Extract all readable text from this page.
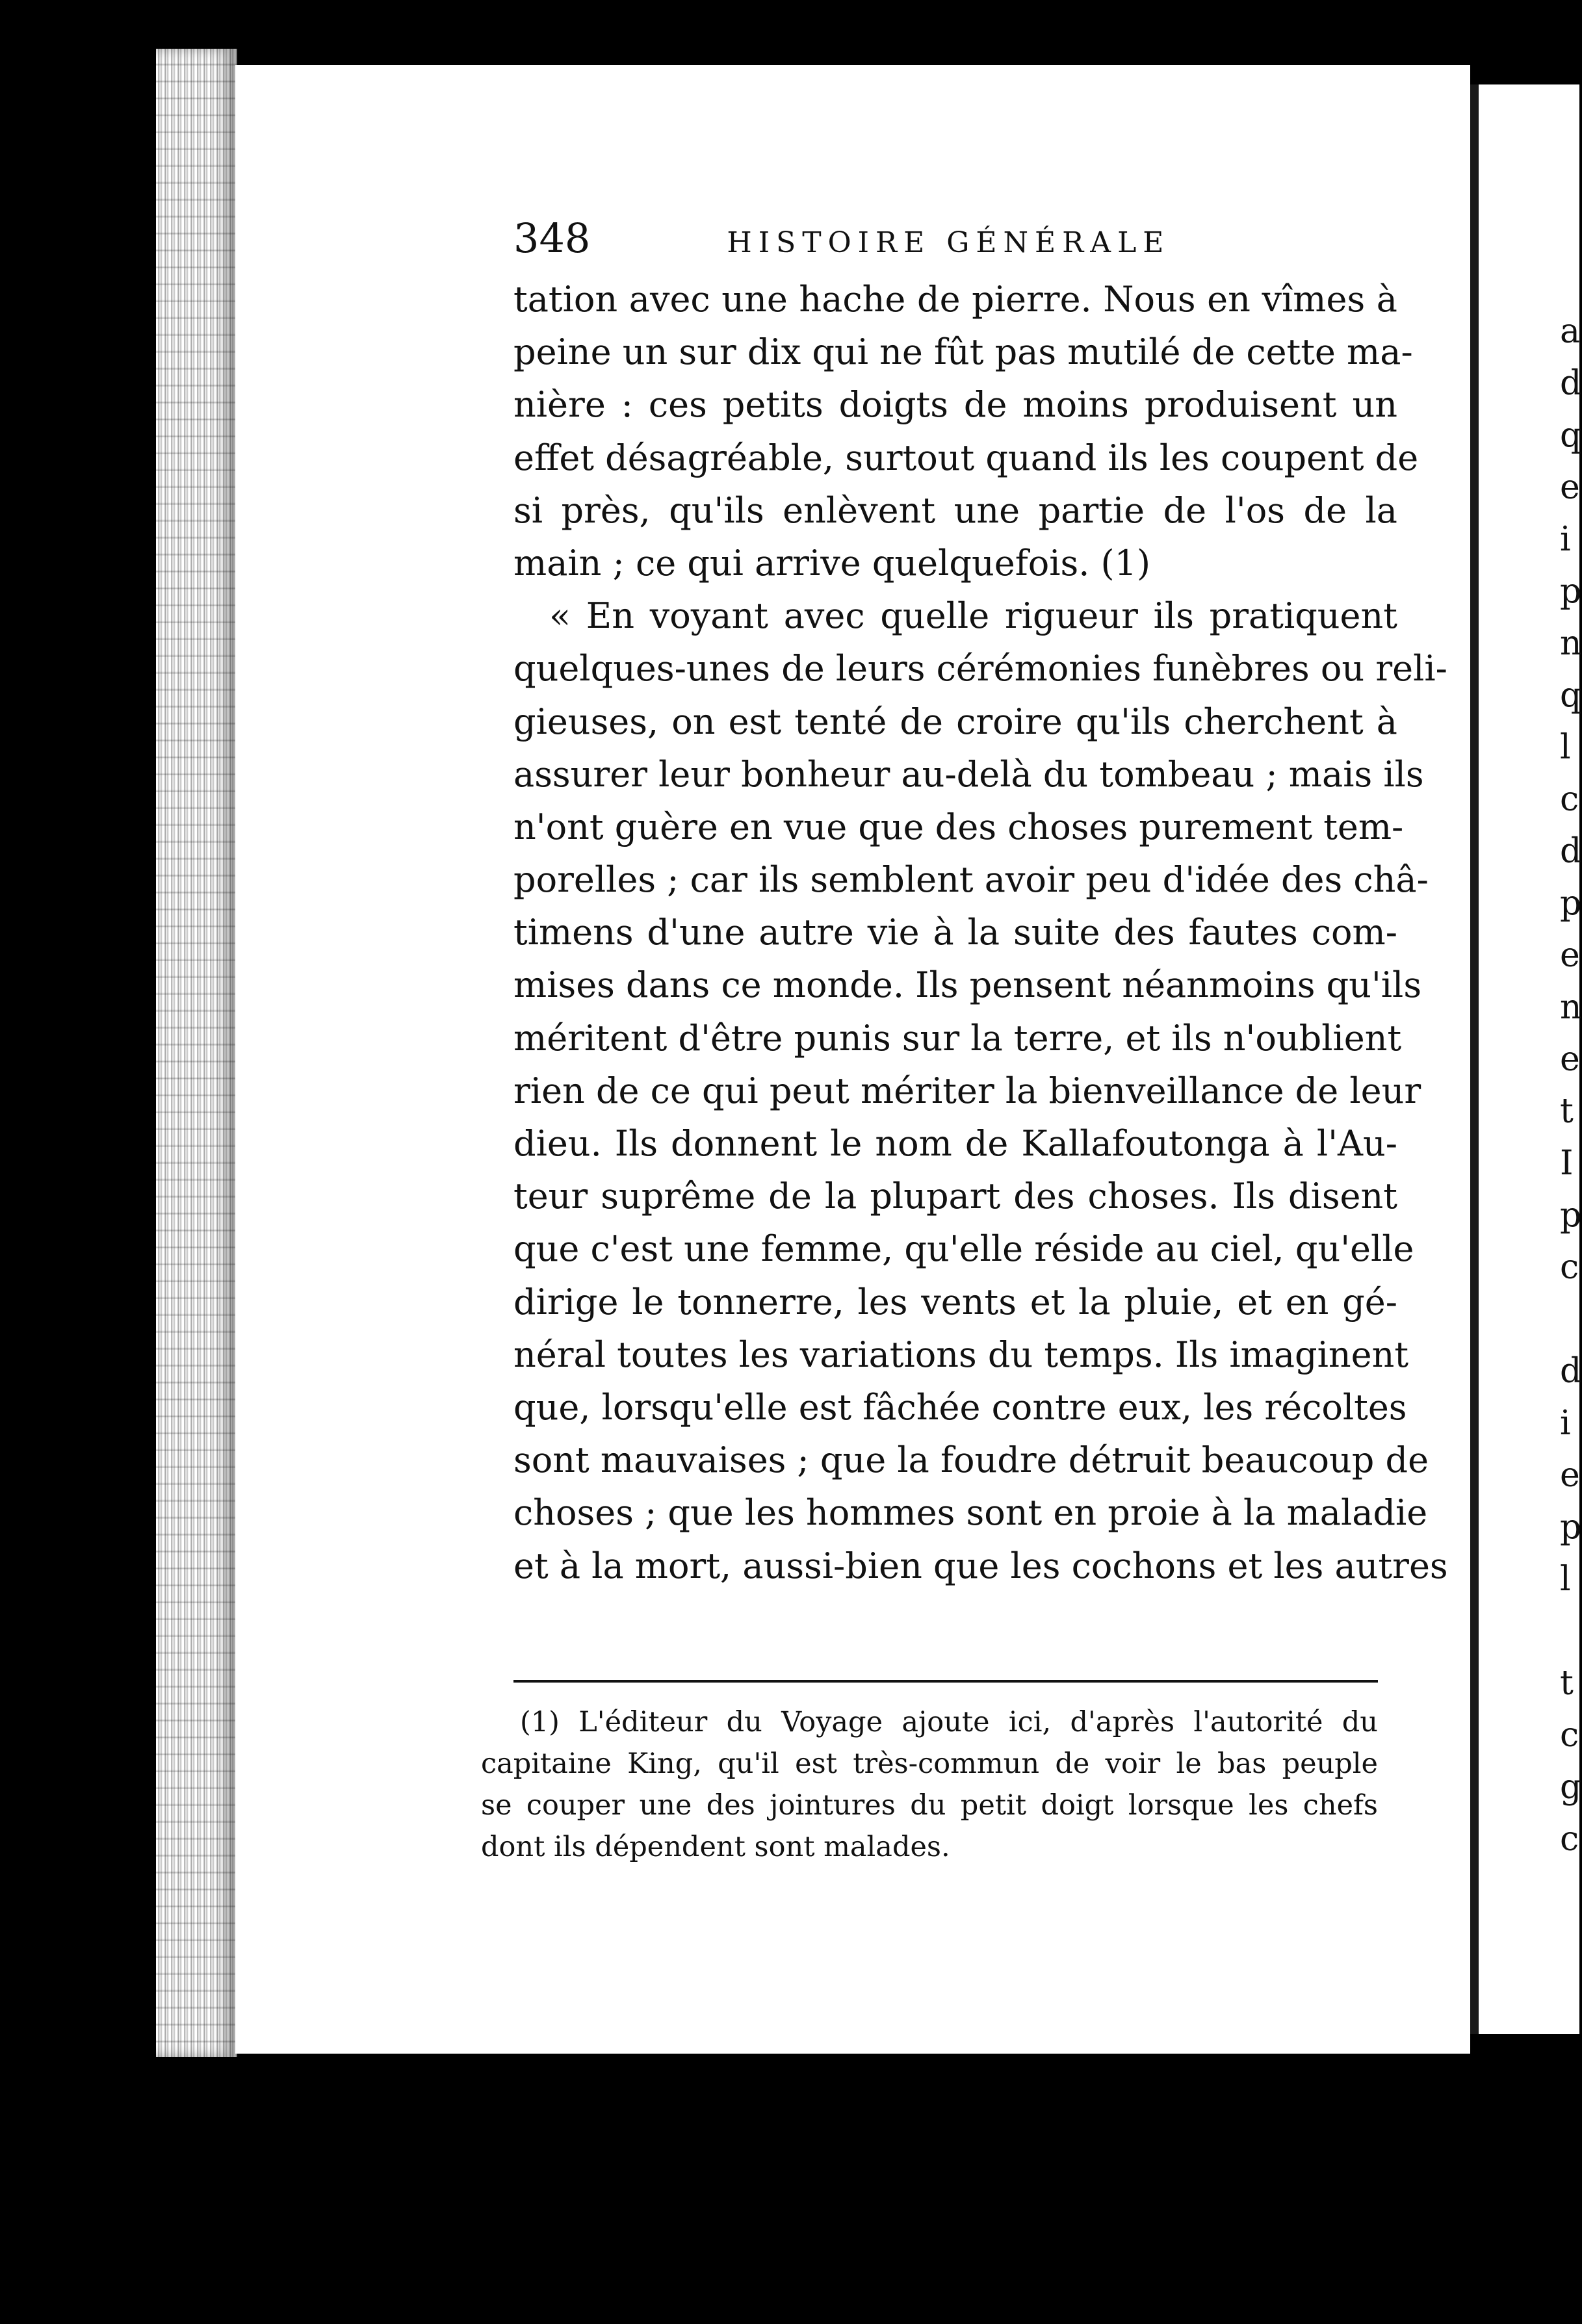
348	HISTOIRE GÉNÉRALE
tation avec une hache de pierre. Nous en vîmes à
peine un sur dix qui ne fût pas mutilé de cette ma-
nière : ces petits doigts de moins produisent un
effet désagréable, surtout quand ils les coupent de
si près, qu'ils enlèvent une partie de l'os de la
main ; ce qui arrive quelquefois. (1)
« En voyant avec quelle rigueur ils pratiquent
quelques-unes de leurs cérémonies funèbres ou reli-
gieuses, on est tenté de croire qu'ils cherchent à
assurer leur bonheur au-delà du tombeau ; mais ils
n'ont guère en vue que des choses purement tem-
porelles ; car ils semblent avoir peu d'idée des châ-
timens d'une autre vie à la suite des fautes com-
mises dans ce monde. Ils pensent néanmoins qu'ils
méritent d'être punis sur la terre, et ils n'oublient
rien de ce qui peut mériter la bienveillance de leur
dieu. Ils donnent le nom de Kallafoutonga à l'Au-
teur suprême de la plupart des choses. Ils disent
que c'est une femme, qu'elle réside au ciel, qu'elle
dirige le tonnerre, les vents et la pluie, et en gé-
néral toutes les variations du temps. Ils imaginent
que, lorsqu'elle est fâchée contre eux, les récoltes
sont mauvaises ; que la foudre détruit beaucoup de
choses ; que les hommes sont en proie à la maladie
et à la mort, aussi-bien que les cochons et les autres
(1) L'éditeur du Voyage ajoute ici, d'après l'autorité du
capitaine King, qu'il est très-commun de voir le bas peuple
se couper une des jointures du petit doigt lorsque les chefs
dont ils dépendent sont malades.
a
d
q
e
i
p
n
q
l
c
d
p
e
n
e
t
I
p
c
d
i
e
p
l
t
c
g
c
